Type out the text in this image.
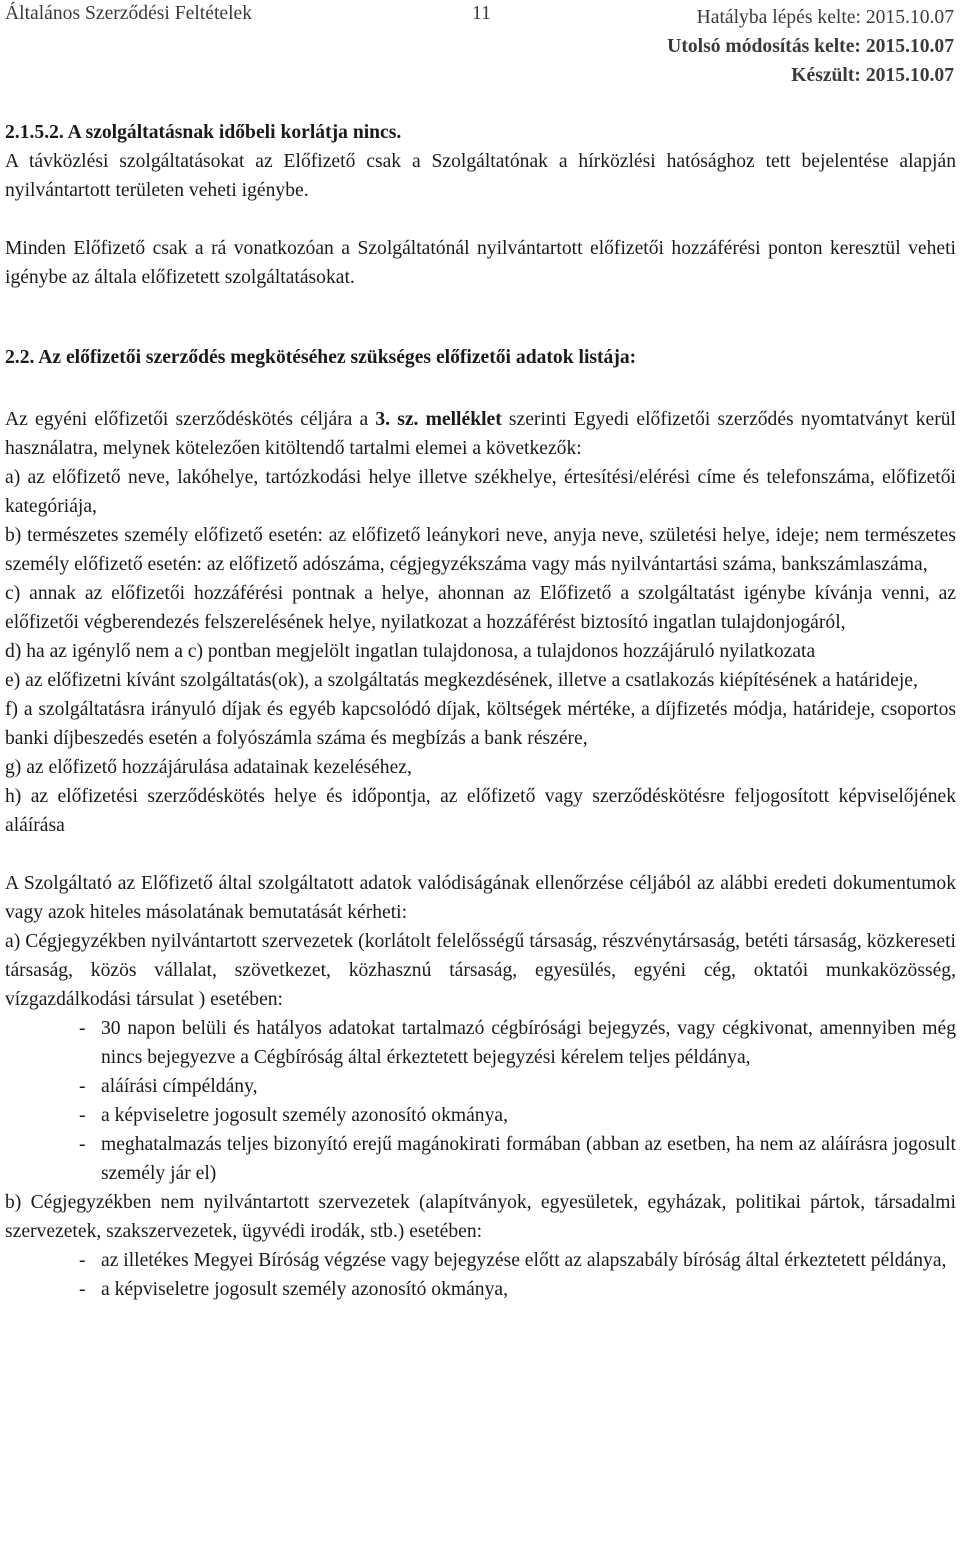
Általános Szerződési Feltételek	11	Hatályba lépés kelte: 2015.10.07
Utolsó módosítás kelte: 2015.10.07
Készült: 2015.10.07

2.1.5.2. A szolgáltatásnak időbeli korlátja nincs.

A távközlési szolgáltatásokat az Előfizető csak a Szolgáltatónak a hírközlési hatósághoz tett bejelentése alapján nyilvántartott területen veheti igénybe.

Minden Előfizető csak a rá vonatkozóan a Szolgáltatónál nyilvántartott előfizetői hozzáférési ponton keresztül veheti igénybe az általa előfizetett szolgáltatásokat.

2.2. Az előfizetői szerződés megkötéséhez szükséges előfizetői adatok listája:

Az egyéni előfizetői szerződéskötés céljára a 3. sz. melléklet szerinti Egyedi előfizetői szerződés nyomtatványt kerül használatra, melynek kötelezően kitöltendő tartalmi elemei a következők:

a) az előfizető neve, lakóhelye, tartózkodási helye illetve székhelye, értesítési/elérési címe és telefonszáma, előfizetői kategóriája,

b) természetes személy előfizető esetén: az előfizető leánykori neve, anyja neve, születési helye, ideje; nem természetes személy előfizető esetén: az előfizető adószáma, cégjegyzékszáma vagy más nyilvántartási száma, bankszámlaszáma,

c) annak az előfizetői hozzáférési pontnak a helye, ahonnan az Előfizető a szolgáltatást igénybe kívánja venni, az előfizetői végberendezés felszerelésének helye, nyilatkozat a hozzáférést biztosító ingatlan tulajdonjogáról,

d) ha az igénylő nem a c) pontban megjelölt ingatlan tulajdonosa, a tulajdonos hozzájáruló nyilatkozata

e) az előfizetni kívánt szolgáltatás(ok), a szolgáltatás megkezdésének, illetve a csatlakozás kiépítésének a határideje,

f) a szolgáltatásra irányuló díjak és egyéb kapcsolódó díjak, költségek mértéke, a díjfizetés módja, határideje, csoportos banki díjbeszedés esetén a folyószámla száma és megbízás a bank részére,

g) az előfizető hozzájárulása adatainak kezeléséhez,

h) az előfizetési szerződéskötés helye és időpontja, az előfizető vagy szerződéskötésre feljogosított képviselőjének aláírása

A Szolgáltató az Előfizető által szolgáltatott adatok valódiságának ellenőrzése céljából az alábbi eredeti dokumentumok vagy azok hiteles másolatának bemutatását kérheti:

a) Cégjegyzékben nyilvántartott szervezetek (korlátolt felelősségű társaság, részvénytársaság, betéti társaság, közkereseti társaság, közös vállalat, szövetkezet, közhasznú társaság, egyesülés, egyéni cég, oktatói munkaközösség, vízgazdálkodási társulat ) esetében:

- 30 napon belüli és hatályos adatokat tartalmazó cégbírósági bejegyzés, vagy cégkivonat, amennyiben még nincs bejegyezve a Cégbíróság által érkeztetett bejegyzési kérelem teljes példánya,
- aláírási címpéldány,
- a képviseletre jogosult személy azonosító okmánya,
- meghatalmazás teljes bizonyító erejű magánokirati formában (abban az esetben, ha nem az aláírásra jogosult személy jár el)

b) Cégjegyzékben nem nyilvántartott szervezetek (alapítványok, egyesületek, egyházak, politikai pártok, társadalmi szervezetek, szakszervezetek, ügyvédi irodák, stb.) esetében:

- az illetékes Megyei Bíróság végzése vagy bejegyzése előtt az alapszabály bíróság által érkeztetett példánya,
- a képviseletre jogosult személy azonosító okmánya,
